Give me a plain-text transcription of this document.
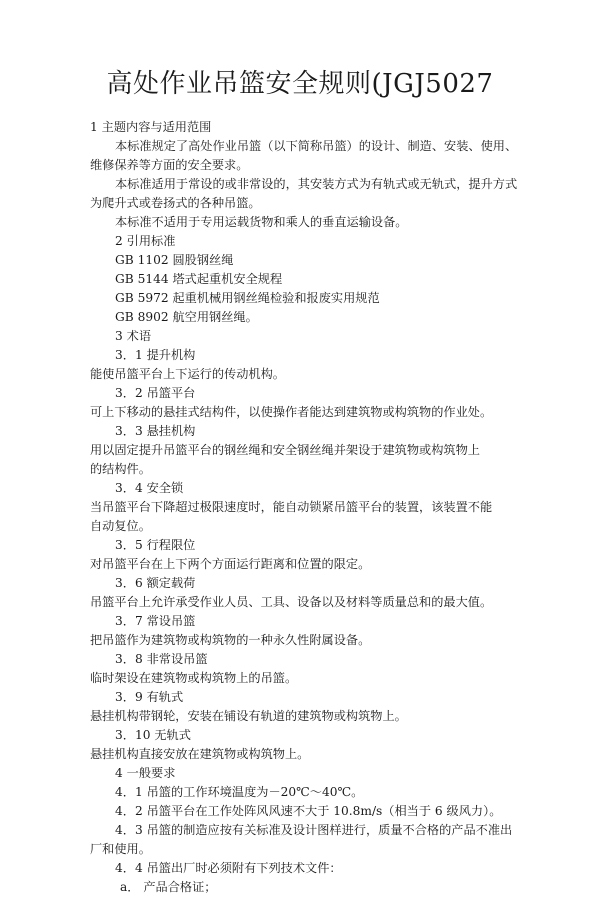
高处作业吊篮安全规则(JGJ5027
1 主题内容与适用范围
本标准规定了高处作业吊篮（以下简称吊篮）的设计、制造、安装、使用、
维修保养等方面的安全要求。
本标准适用于常设的或非常设的，其安装方式为有轨式或无轨式，提升方式
为爬升式或卷扬式的各种吊篮。
本标准不适用于专用运载货物和乘人的垂直运输设备。
2 引用标准
GB 1102 圆股钢丝绳
GB 5144 塔式起重机安全规程
GB 5972 起重机械用钢丝绳检验和报废实用规范
GB 8902 航空用钢丝绳。
3 术语
3．1 提升机构
能使吊篮平台上下运行的传动机构。
3．2 吊篮平台
可上下移动的悬挂式结构件，以使操作者能达到建筑物或构筑物的作业处。
3．3 悬挂机构
用以固定提升吊篮平台的钢丝绳和安全钢丝绳并架设于建筑物或构筑物上
的结构件。
3．4 安全锁
当吊篮平台下降超过极限速度时，能自动锁紧吊篮平台的装置，该装置不能
自动复位。
3．5 行程限位
对吊篮平台在上下两个方面运行距离和位置的限定。
3．6 额定载荷
吊篮平台上允许承受作业人员、工具、设备以及材料等质量总和的最大值。
3．7 常设吊篮
把吊篮作为建筑物或构筑物的一种永久性附属设备。
3．8 非常设吊篮
临时架设在建筑物或构筑物上的吊篮。
3．9 有轨式
悬挂机构带钢轮，安装在铺设有轨道的建筑物或构筑物上。
3．10 无轨式
悬挂机构直接安放在建筑物或构筑物上。
4 一般要求
4．1 吊篮的工作环境温度为－20℃～40℃。
4．2 吊篮平台在工作处阵风风速不大于 10.8m/s（相当于 6 级风力）。
4．3 吊篮的制造应按有关标准及设计图样进行，质量不合格的产品不准出
厂和使用。
4．4 吊篮出厂时必须附有下列技术文件：
a． 产品合格证；
